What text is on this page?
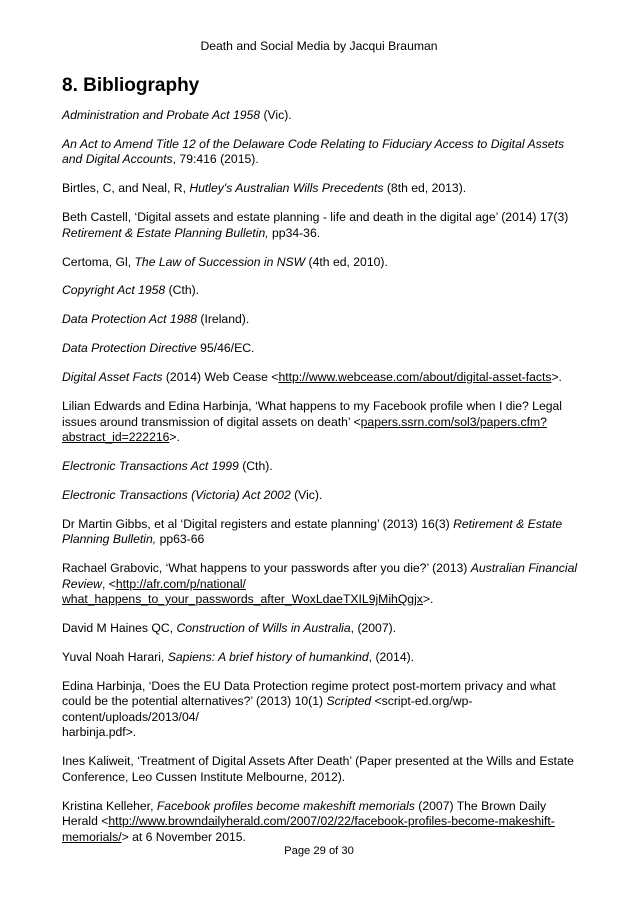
Death and Social Media by Jacqui Brauman
8. Bibliography
Administration and Probate Act 1958 (Vic).
An Act to Amend Title 12 of the Delaware Code Relating to Fiduciary Access to Digital Assets and Digital Accounts, 79:416 (2015).
Birtles, C, and Neal, R, Hutley's Australian Wills Precedents (8th ed, 2013).
Beth Castell, ‘Digital assets and estate planning - life and death in the digital age’ (2014) 17(3) Retirement & Estate Planning Bulletin, pp34-36.
Certoma, Gl, The Law of Succession in NSW (4th ed, 2010).
Copyright Act 1958 (Cth).
Data Protection Act 1988 (Ireland).
Data Protection Directive 95/46/EC.
Digital Asset Facts (2014) Web Cease <http://www.webcease.com/about/digital-asset-facts>.
Lilian Edwards and Edina Harbinja, ‘What happens to my Facebook profile when I die? Legal issues around transmission of digital assets on death’ <papers.ssrn.com/sol3/papers.cfm?abstract_id=222216>.
Electronic Transactions Act 1999 (Cth).
Electronic Transactions (Victoria) Act 2002 (Vic).
Dr Martin Gibbs, et al ‘Digital registers and estate planning’ (2013) 16(3) Retirement & Estate Planning Bulletin, pp63-66
Rachael Grabovic, ‘What happens to your passwords after you die?’ (2013) Australian Financial Review, <http://afr.com/p/national/
what_happens_to_your_passwords_after_WoxLdaeTXIL9jMihQgjx>.
David M Haines QC, Construction of Wills in Australia, (2007).
Yuval Noah Harari, Sapiens: A brief history of humankind, (2014).
Edina Harbinja, ‘Does the EU Data Protection regime protect post-mortem privacy and what could be the potential alternatives?’ (2013) 10(1) Scripted <script-ed.org/wp-content/uploads/2013/04/
harbinja.pdf>.
Ines Kaliweit, ‘Treatment of Digital Assets After Death’ (Paper presented at the Wills and Estate Conference, Leo Cussen Institute Melbourne, 2012).
Kristina Kelleher, Facebook profiles become makeshift memorials (2007) The Brown Daily Herald <http://www.browndailyherald.com/2007/02/22/facebook-profiles-become-makeshift-memorials/> at 6 November 2015.
Page 29 of 30
